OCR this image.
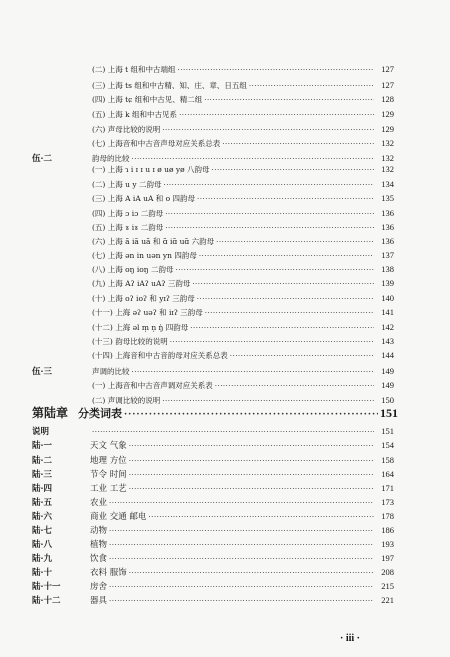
(二) 上海 t 组和中古端组 ·····	127
(三) 上海 ts 组和中古精、知、庄、章、日五组 ·····	127
(四) 上海 tɕ 组和中古见、精二组 ·····	128
(五) 上海 k 组和中古见系 ·····	129
(六) 声母比较的说明 ·····	129
(七) 上海音和中古音声母对应关系总表 ·····	132
伍·二	韵母的比较 ·····	132
(一) 上海 ɿ i ɪ ɪ u ɪ ø uø yø 八韵母 ·····	132
(二) 上海 u y 二韵母 ·····	134
(三) 上海 A iA uA 和 o 四韵母 ·····	135
(四) 上海 ɔ iɔ 二韵母 ·····	136
(五) 上海 ɤ iɤ 二韵母 ·····	136
(六) 上海 ã iã uã 和 ɑ̃ iɑ̃ uɑ̃ 六韵母 ·····	136
(七) 上海 ən in uən yn 四韵母 ·····	137
(八) 上海 oŋ ioŋ 二韵母 ·····	138
(九) 上海 Aʔ iAʔ uAʔ 三韵母 ·····	139
(十) 上海 oʔ ioʔ 和 yɪʔ 三韵母 ·····	140
(十一) 上海 əʔ uəʔ 和 iɪʔ 三韵母 ·····	141
(十二) 上海 əl m̩ n̩ ŋ̍ 四韵母 ·····	142
(十三) 韵母比较的说明 ·····	143
(十四) 上海音和中古音韵母对应关系总表 ·····	144
伍·三	声调的比较 ·····	149
(一) 上海音和中古音声调对应关系表 ·····	149
(二) 声调比较的说明 ·····	150
第陆章 分类词表 ·····	151
说明 ·····	151
陆·一	天文 气象 ·····	154
陆·二	地理 方位 ·····	158
陆·三	节令 时间 ·····	164
陆·四	工业 工艺 ·····	171
陆·五	农业 ·····	173
陆·六	商业 交通 邮电 ·····	178
陆·七	动物 ·····	186
陆·八	植物 ·····	193
陆·九	饮食 ·····	197
陆·十	衣料 服饰 ·····	208
陆·十一	房舍 ·····	215
陆·十二	器具 ·····	221
· iii ·
